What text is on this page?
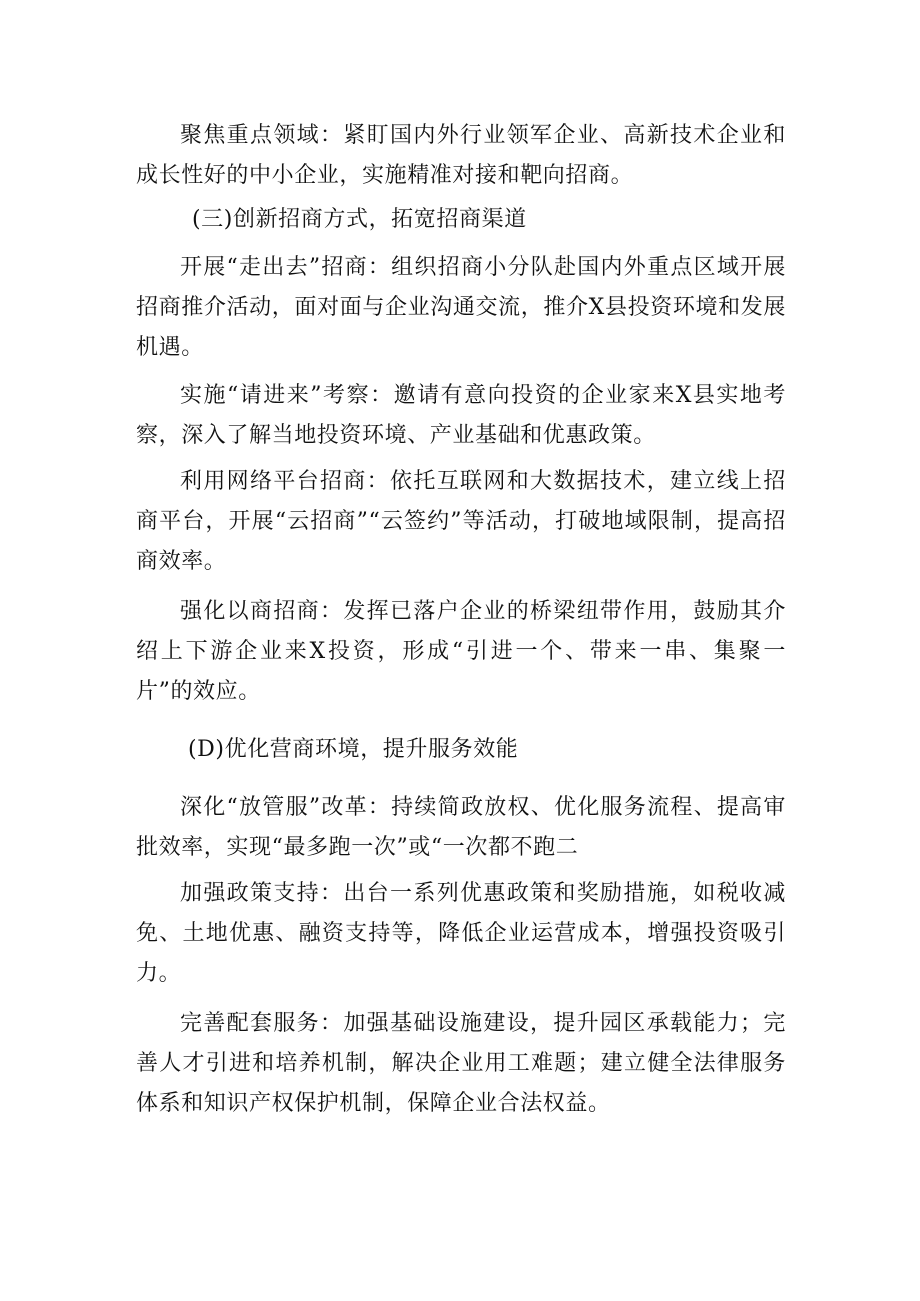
聚焦重点领域：紧盯国内外行业领军企业、高新技术企业和成长性好的中小企业，实施精准对接和靶向招商。

(三)创新招商方式，拓宽招商渠道

开展“走出去”招商：组织招商小分队赴国内外重点区域开展招商推介活动，面对面与企业沟通交流，推介X县投资环境和发展机遇。

实施“请进来”考察：邀请有意向投资的企业家来X县实地考察，深入了解当地投资环境、产业基础和优惠政策。

利用网络平台招商：依托互联网和大数据技术，建立线上招商平台，开展“云招商”“云签约”等活动，打破地域限制，提高招商效率。

强化以商招商：发挥已落户企业的桥梁纽带作用，鼓励其介绍上下游企业来X投资，形成“引进一个、带来一串、集聚一片”的效应。

(D)优化营商环境，提升服务效能

深化“放管服”改革：持续简政放权、优化服务流程、提高审批效率，实现“最多跑一次”或“一次都不跑二

加强政策支持：出台一系列优惠政策和奖励措施，如税收减免、土地优惠、融资支持等，降低企业运营成本，增强投资吸引力。

完善配套服务：加强基础设施建设，提升园区承载能力；完善人才引进和培养机制，解决企业用工难题；建立健全法律服务体系和知识产权保护机制，保障企业合法权益。
